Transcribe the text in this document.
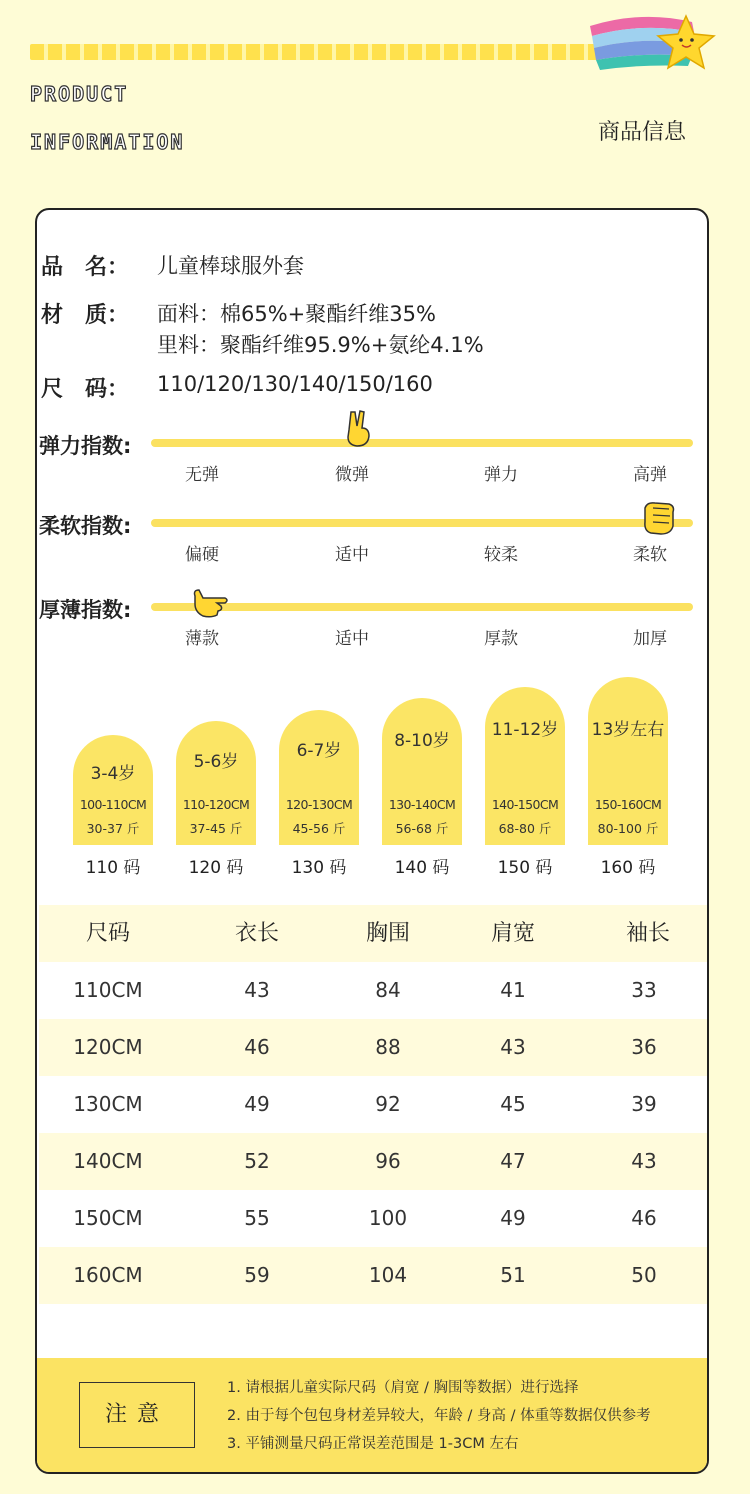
PRODUCT
INFORMATION	商品信息
品 名： 儿童棒球服外套
材 质： 面料：棉65%+聚酯纤维35%
里料：聚酯纤维95.9%+氨纶4.1%
尺 码： 110/120/130/140/150/160
弹力指数:
无弹	微弹	弹力	高弹
柔软指数:
偏硬	适中	较柔	柔软
厚薄指数:
薄款	适中	厚款	加厚
3-4岁
100-110CM
30-37 斤
110 码
5-6岁
110-120CM
37-45 斤
120 码
6-7岁
120-130CM
45-56 斤
130 码
8-10岁
130-140CM
56-68 斤
140 码
11-12岁
140-150CM
68-80 斤
150 码
13岁左右
150-160CM
80-100 斤
160 码
尺码	衣长	胸围	肩宽	袖长
110CM	43	84	41	33
120CM	46	88	43	36
130CM	49	92	45	39
140CM	52	96	47	43
150CM	55	100	49	46
160CM	59	104	51	50
注意
1. 请根据儿童实际尺码（肩宽 / 胸围等数据）进行选择
2. 由于每个包包身材差异较大，年龄 / 身高 / 体重等数据仅供参考
3. 平铺测量尺码正常误差范围是 1-3CM 左右
